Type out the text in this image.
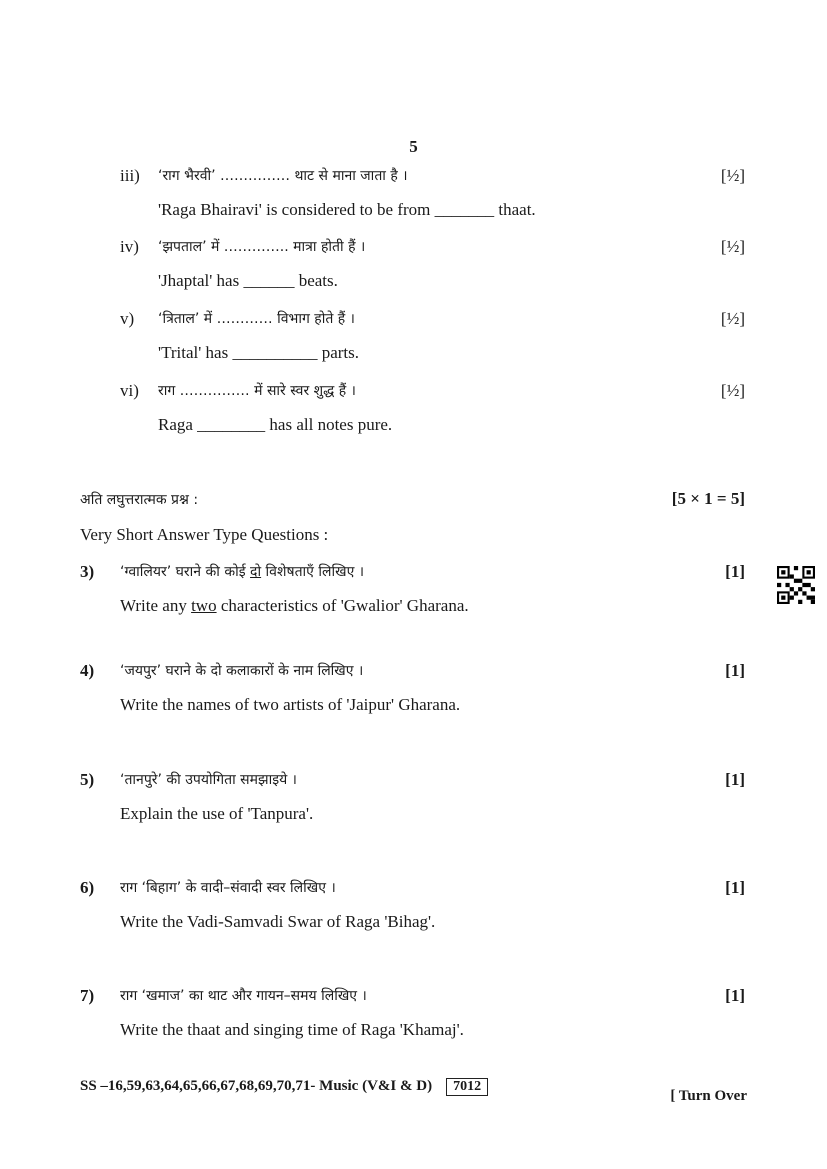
5
iii) ‘राग भैरवी’ …………… थाट से माना जाता है ।	[½]
'Raga Bhairavi' is considered to be from _______ thaat.
iv) ‘झपताल’ में ………….. मात्रा होती हैं ।	[½]
'Jhaptal' has ______ beats.
v) ‘त्रिताल’ में ………… विभाग होते हैं ।	[½]
'Trital' has __________ parts.
vi) राग …………… में सारे स्वर शुद्ध हैं ।	[½]
Raga ________ has all notes pure.
अति लघुत्तरात्मक प्रश्न :	[5 × 1 = 5]
Very Short Answer Type Questions :
3) ‘ग्वालियर’ घराने की कोई दो विशेषताएँ लिखिए ।	[1]
Write any two characteristics of 'Gwalior' Gharana.
4) ‘जयपुर’ घराने के दो कलाकारों के नाम लिखिए ।	[1]
Write the names of two artists of 'Jaipur' Gharana.
5) ‘तानपुरे’ की उपयोगिता समझाइये ।	[1]
Explain the use of 'Tanpura'.
6) राग ‘बिहाग’ के वादी–संवादी स्वर लिखिए ।	[1]
Write the Vadi-Samvadi Swar of Raga 'Bihag'.
7) राग ‘खमाज’ का थाट और गायन–समय लिखिए ।	[1]
Write the thaat and singing time of Raga 'Khamaj'.
SS –16,59,63,64,65,66,67,68,69,70,71- Music (V&I & D) 7012
[ Turn Over
